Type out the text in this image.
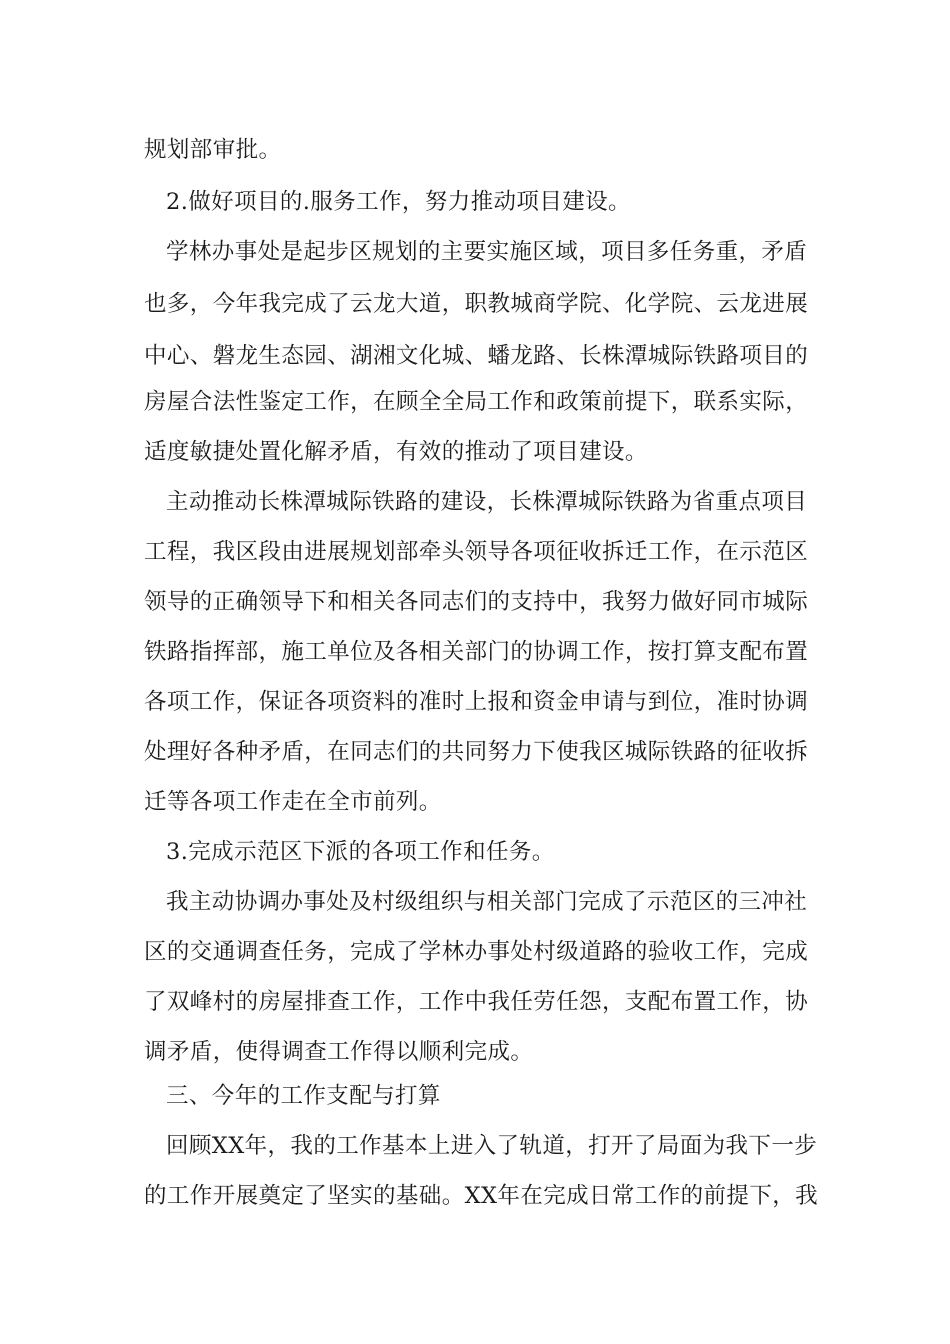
规划部审批。
2.做好项目的.服务工作，努力推动项目建设。
学林办事处是起步区规划的主要实施区域，项目多任务重，矛盾
也多，今年我完成了云龙大道，职教城商学院、化学院、云龙进展
中心、磐龙生态园、湖湘文化城、蟠龙路、长株潭城际铁路项目的
房屋合法性鉴定工作，在顾全全局工作和政策前提下，联系实际，
适度敏捷处置化解矛盾，有效的推动了项目建设。
主动推动长株潭城际铁路的建设，长株潭城际铁路为省重点项目
工程，我区段由进展规划部牵头领导各项征收拆迁工作，在示范区
领导的正确领导下和相关各同志们的支持中，我努力做好同市城际
铁路指挥部，施工单位及各相关部门的协调工作，按打算支配布置
各项工作，保证各项资料的准时上报和资金申请与到位，准时协调
处理好各种矛盾，在同志们的共同努力下使我区城际铁路的征收拆
迁等各项工作走在全市前列。
3.完成示范区下派的各项工作和任务。
我主动协调办事处及村级组织与相关部门完成了示范区的三冲社
区的交通调查任务，完成了学林办事处村级道路的验收工作，完成
了双峰村的房屋排查工作，工作中我任劳任怨，支配布置工作，协
调矛盾，使得调查工作得以顺利完成。
三、今年的工作支配与打算
回顾XX年，我的工作基本上进入了轨道，打开了局面为我下一步
的工作开展奠定了坚实的基础。XX年在完成日常工作的前提下，我
